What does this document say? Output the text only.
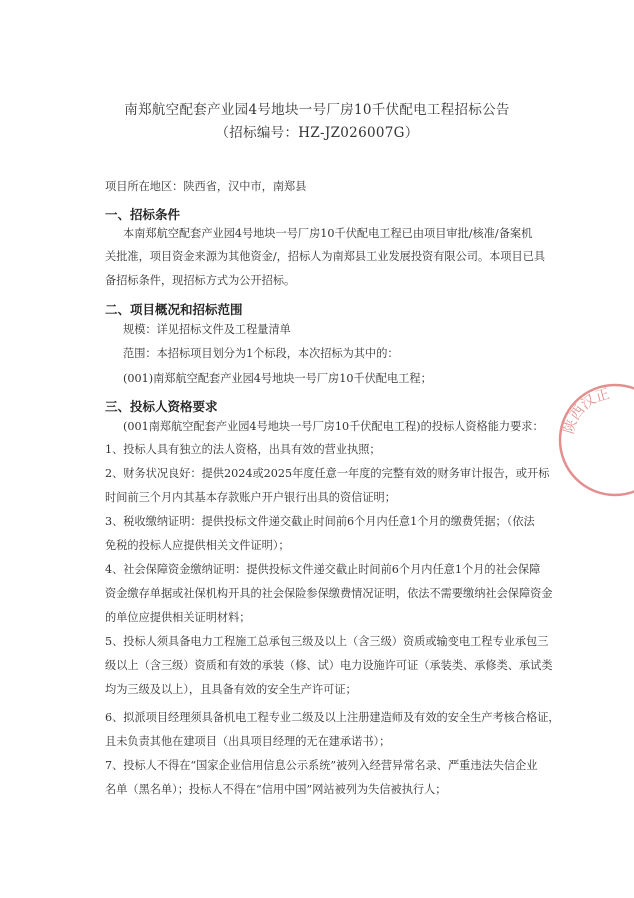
南郑航空配套产业园4号地块一号厂房10千伏配电工程招标公告
（招标编号：HZ-JZ026007G）
项目所在地区：陕西省，汉中市，南郑县
一、招标条件
本南郑航空配套产业园4号地块一号厂房10千伏配电工程已由项目审批/核准/备案机
关批准，项目资金来源为其他资金/，招标人为南郑县工业发展投资有限公司。本项目已具
备招标条件，现招标方式为公开招标。
二、项目概况和招标范围
规模：详见招标文件及工程量清单
范围：本招标项目划分为1个标段，本次招标为其中的：
(001)南郑航空配套产业园4号地块一号厂房10千伏配电工程；
三、投标人资格要求
(001南郑航空配套产业园4号地块一号厂房10千伏配电工程)的投标人资格能力要求：
1、投标人具有独立的法人资格，出具有效的营业执照；
2、财务状况良好：提供2024或2025年度任意一年度的完整有效的财务审计报告，或开标
时间前三个月内其基本存款账户开户银行出具的资信证明；
3、税收缴纳证明：提供投标文件递交截止时间前6个月内任意1个月的缴费凭据；（依法
免税的投标人应提供相关文件证明）；
4、社会保障资金缴纳证明：提供投标文件递交截止时间前6个月内任意1个月的社会保障
资金缴存单据或社保机构开具的社会保险参保缴费情况证明，依法不需要缴纳社会保障资金
的单位应提供相关证明材料；
5、投标人须具备电力工程施工总承包三级及以上（含三级）资质或输变电工程专业承包三
级以上（含三级）资质和有效的承装（修、试）电力设施许可证（承装类、承修类、承试类
均为三级及以上），且具备有效的安全生产许可证；
6、拟派项目经理须具备机电工程专业二级及以上注册建造师及有效的安全生产考核合格证，
且未负责其他在建项目（出具项目经理的无在建承诺书）；
7、投标人不得在“国家企业信用信息公示系统”被列入经营异常名录、严重违法失信企业
名单（黑名单）；投标人不得在“信用中国”网站被列为失信被执行人；
陕西汉正
